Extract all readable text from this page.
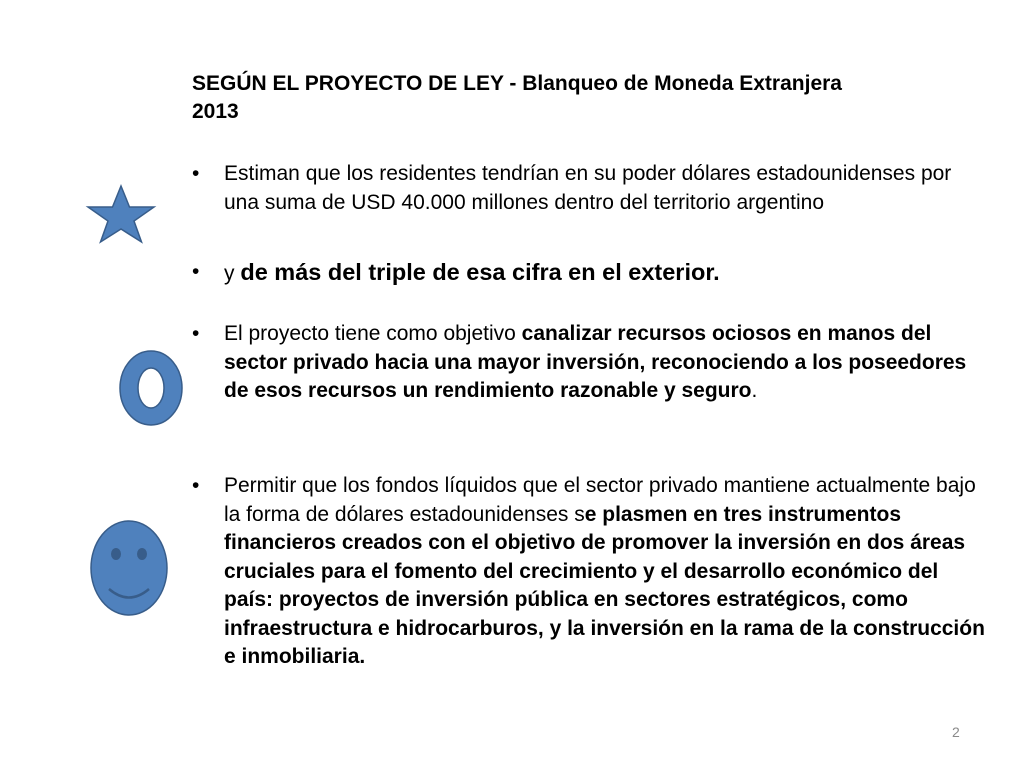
SEGÚN EL PROYECTO DE LEY - Blanqueo de Moneda Extranjera 2013

• Estiman que los residentes tendrían en su poder dólares estadounidenses por una suma de USD 40.000 millones dentro del territorio argentino
• y de más del triple de esa cifra en el exterior.
• El proyecto tiene como objetivo canalizar recursos ociosos en manos del sector privado hacia una mayor inversión, reconociendo a los poseedores de esos recursos un rendimiento razonable y seguro.
• Permitir que los fondos líquidos que el sector privado mantiene actualmente bajo la forma de dólares estadounidenses se plasmen en tres instrumentos financieros creados con el objetivo de promover la inversión en dos áreas cruciales para el fomento del crecimiento y el desarrollo económico del país: proyectos de inversión pública en sectores estratégicos, como infraestructura e hidrocarburos, y la inversión en la rama de la construcción e inmobiliaria.
2
